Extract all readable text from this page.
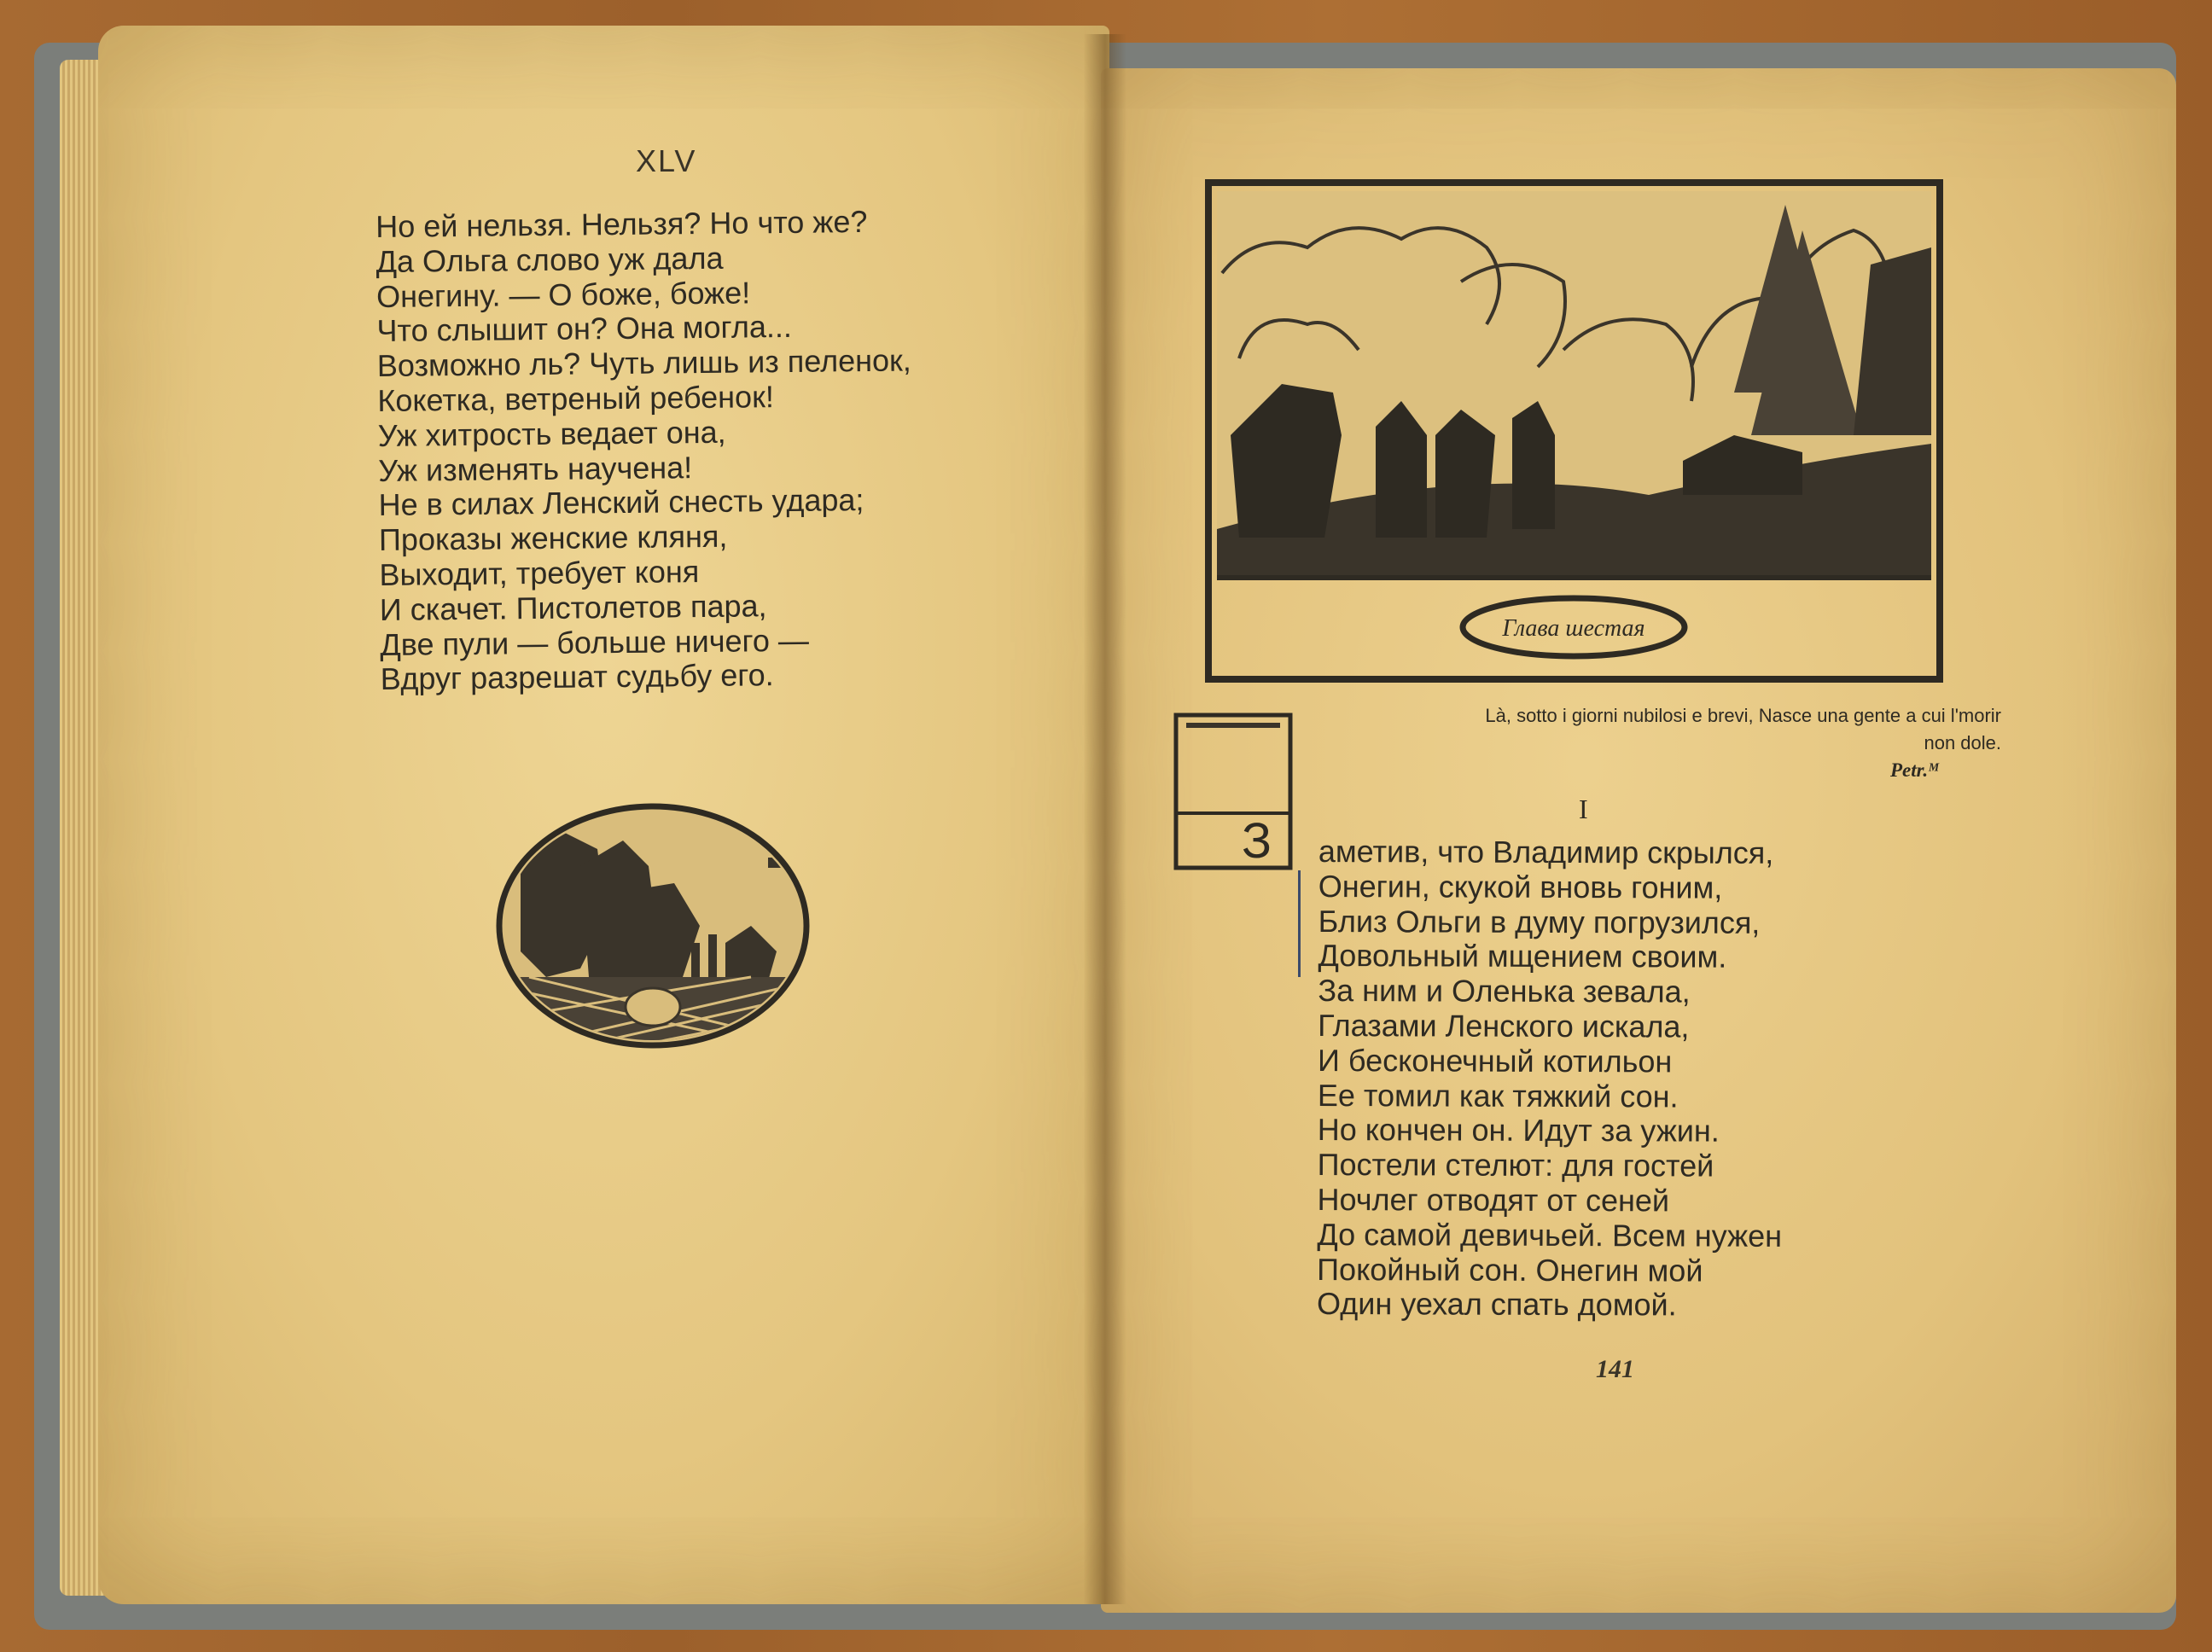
XLV
Но ей нельзя. Нельзя? Но что же?
Да Ольга слово уж дала
Онегину. — О боже, боже!
Что слышит он? Она могла...
Возможно ль? Чуть лишь из пеленок,
Кокетка, ветреный ребенок!
Уж хитрость ведает она,
Уж изменять научена!
Не в силах Ленский снесть удара;
Проказы женские кляня,
Выходит, требует коня
И скачет. Пистолетов пара,
Две пули — больше ничего —
Вдруг разрешат судьбу его.
Глава шестая
Là, sotto i giorni nubilosi e brevi, Nasce una gente a cui l'morir non dole.
Petr.ᴹ
З
I
аметив, что Владимир скрылся,
Онегин, скукой вновь гоним,
Близ Ольги в думу погрузился,
Довольный мщением своим.
За ним и Оленька зевала,
Глазами Ленского искала,
И бесконечный котильон
Ее томил как тяжкий сон.
Но кончен он. Идут за ужин.
Постели стелют: для гостей
Ночлег отводят от сеней
До самой девичьей. Всем нужен
Покойный сон. Онегин мой
Один уехал спать домой.
141
